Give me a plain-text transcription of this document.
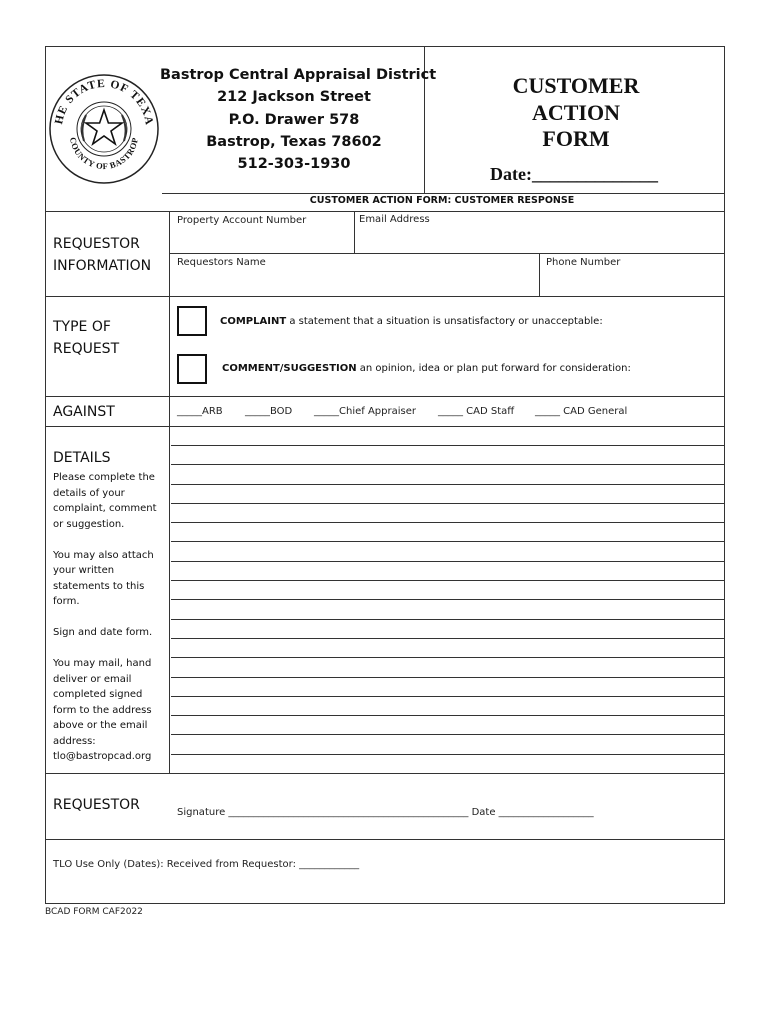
HE STATE OF TEXA
COUNTY OF BASTROP
Bastrop Central Appraisal District
212 Jackson Street
P.O. Drawer 578
Bastrop, Texas 78602
512-303-1930
CUSTOMER
ACTION
FORM
Date:______________
CUSTOMER ACTION FORM: CUSTOMER RESPONSE
REQUESTOR
INFORMATION
Property Account Number	Email Address
Requestors Name	Phone Number
TYPE OF
REQUEST
COMPLAINT a statement that a situation is unsatisfactory or unacceptable:
COMMENT/SUGGESTION an opinion, idea or plan put forward for consideration:
AGAINST	_____ARB _____BOD _____Chief Appraiser _____ CAD Staff _____ CAD General
DETAILS

Please complete the details of your complaint, comment or suggestion.

You may also attach your written statements to this form.

Sign and date form.

You may mail, hand deliver or email completed signed form to the address above or the email address: tlo@bastropcad.org

REQUESTOR	Signature ________________________________________________ Date ___________________
TLO Use Only (Dates): Received from Requestor: ____________
BCAD FORM CAF2022
